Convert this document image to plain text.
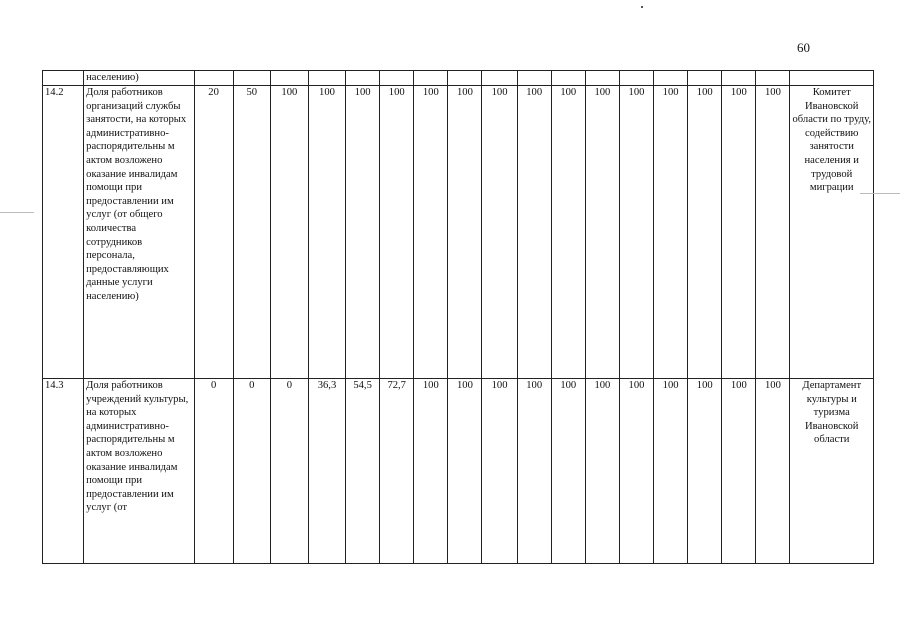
60
	населению)																		
14.2	Доля работников организаций службы занятости, на которых административно-распорядительны м актом возложено оказание инвалидам помощи при предоставлении им услуг (от общего количества сотрудников персонала, предоставляющих данные услуги населению)	20	50	100	100	100	100	100	100	100	100	100	100	100	100	100	100	100	Комитет Ивановской области по труду, содействию занятости населения и трудовой миграции
14.3	Доля работников учреждений культуры, на которых административно-распорядительны м актом возложено оказание инвалидам помощи при предоставлении им услуг (от	0	0	0	36,3	54,5	72,7	100	100	100	100	100	100	100	100	100	100	100	Департамент культуры и туризма Ивановской области
